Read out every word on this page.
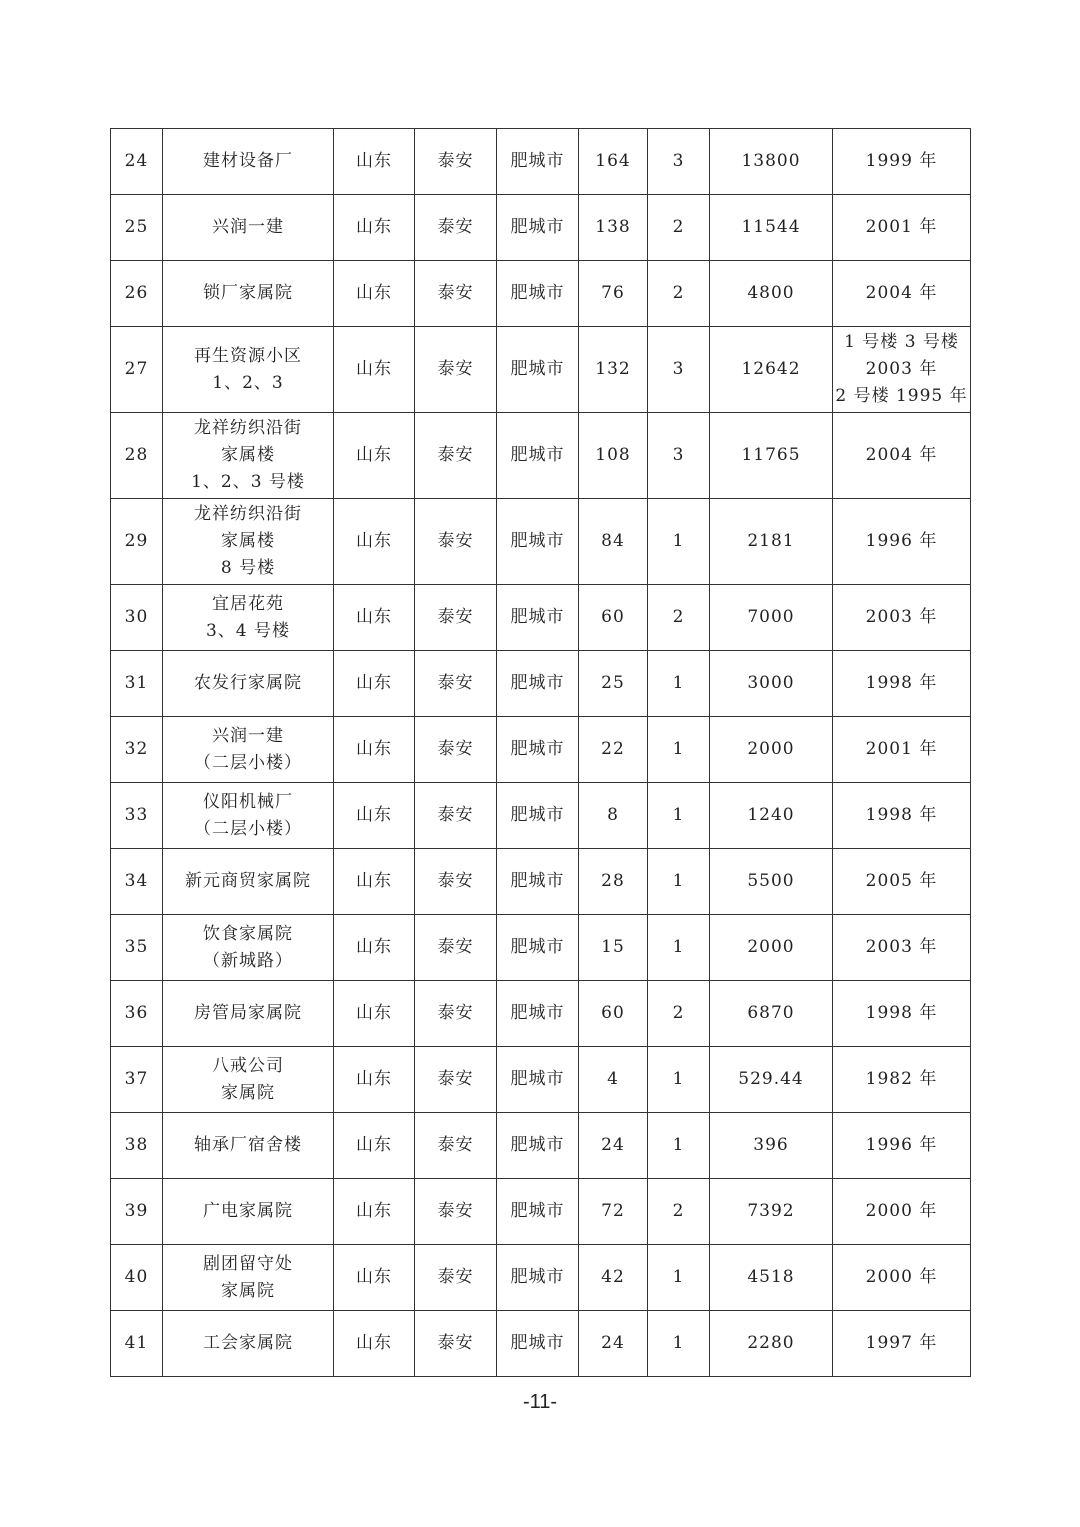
24	建材设备厂	山东	泰安	肥城市	164	3	13800	1999 年

25	兴润一建	山东	泰安	肥城市	138	2	11544	2001 年

26	锁厂家属院	山东	泰安	肥城市	76	2	4800	2004 年

27	再生资源小区
1、2、3	山东	泰安	肥城市	132	3	12642	1 号楼 3 号楼
2003 年
2 号楼 1995 年

28	龙祥纺织沿街
家属楼
1、2、3 号楼	山东	泰安	肥城市	108	3	11765	2004 年

29	龙祥纺织沿街
家属楼
8 号楼	山东	泰安	肥城市	84	1	2181	1996 年

30	宜居花苑
3、4 号楼	山东	泰安	肥城市	60	2	7000	2003 年

31	农发行家属院	山东	泰安	肥城市	25	1	3000	1998 年

32	兴润一建
（二层小楼）	山东	泰安	肥城市	22	1	2000	2001 年

33	仪阳机械厂
（二层小楼）	山东	泰安	肥城市	8	1	1240	1998 年

34	新元商贸家属院	山东	泰安	肥城市	28	1	5500	2005 年

35	饮食家属院
（新城路）	山东	泰安	肥城市	15	1	2000	2003 年

36	房管局家属院	山东	泰安	肥城市	60	2	6870	1998 年

37	八戒公司
家属院	山东	泰安	肥城市	4	1	529.44	1982 年

38	轴承厂宿舍楼	山东	泰安	肥城市	24	1	396	1996 年

39	广电家属院	山东	泰安	肥城市	72	2	7392	2000 年

40	剧团留守处
家属院	山东	泰安	肥城市	42	1	4518	2000 年

41	工会家属院	山东	泰安	肥城市	24	1	2280	1997 年
-11-
